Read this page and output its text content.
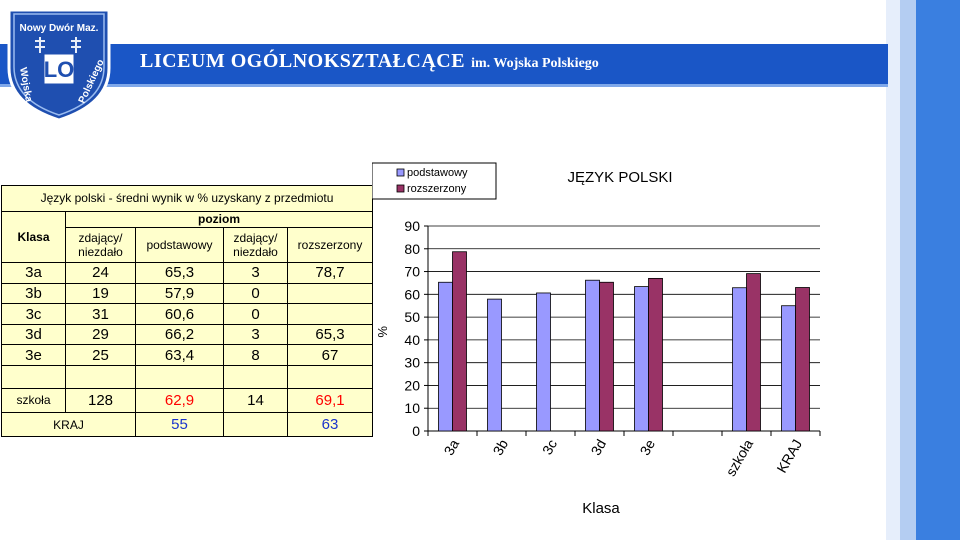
LICEUM OGÓLNOKSZTAŁCĄCE im. Wojska Polskiego
Nowy Dwór Maz.
LO
Wojska	Polskiego
Język polski - średni wynik w % uzyskany z przedmiotu				
Klasa	poziom			
	zdający/ niezdało	podstawowy	zdający/ niezdało	rozszerzony
3a	24	65,3	3	78,7
3b	19	57,9	0	
3c	31	60,6	0	
3d	29	66,2	3	65,3
3e	25	63,4	8	67

szkoła	128	62,9	14	69,1
KRAJ		55		63
podstawowy
rozszerzony
JĘZYK POLSKI
Klasa
%
0
10
20
30
40
50
60
70
80
90
3a 3b 3c 3d 3e	szkoła KRAJ
